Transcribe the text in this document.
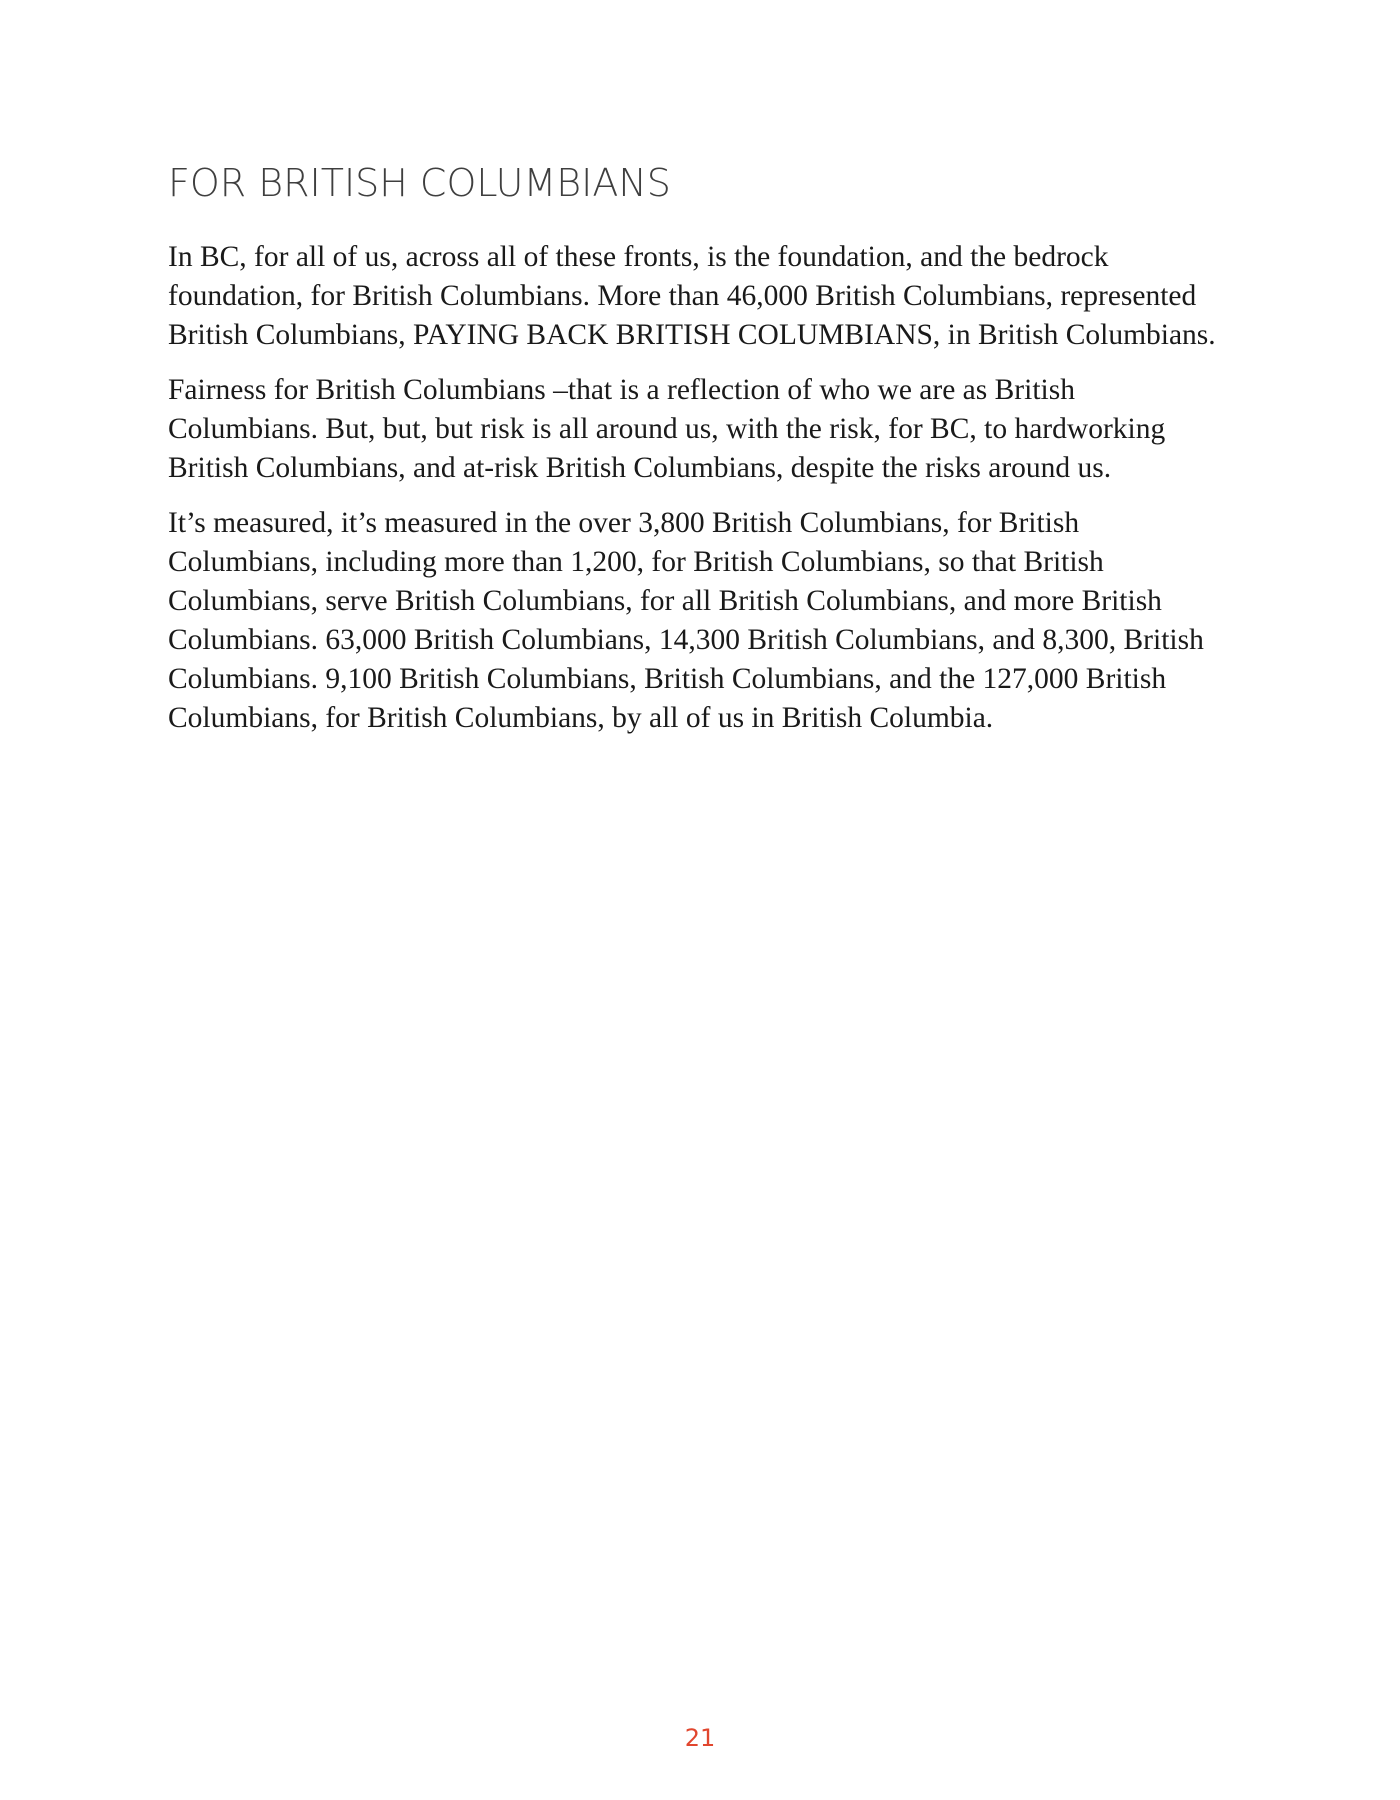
FOR BRITISH COLUMBIANS

In BC, for all of us, across all of these fronts, is the foundation, and the bedrock foundation, for British Columbians. More than 46,000 British Columbians, represented British Columbians, PAYING BACK BRITISH COLUMBIANS, in British Columbians.

Fairness for British Columbians –that is a reflection of who we are as British Columbians. But, but, but risk is all around us, with the risk, for BC, to hardworking British Columbians, and at-risk British Columbians, despite the risks around us.

It’s measured, it’s measured in the over 3,800 British Columbians, for British Columbians, including more than 1,200, for British Columbians, so that British Columbians, serve British Columbians, for all British Columbians, and more British Columbians. 63,000 British Columbians, 14,300 British Columbians, and 8,300, British Columbians. 9,100 British Columbians, British Columbians, and the 127,000 British Columbians, for British Columbians, by all of us in British Columbia.

21
